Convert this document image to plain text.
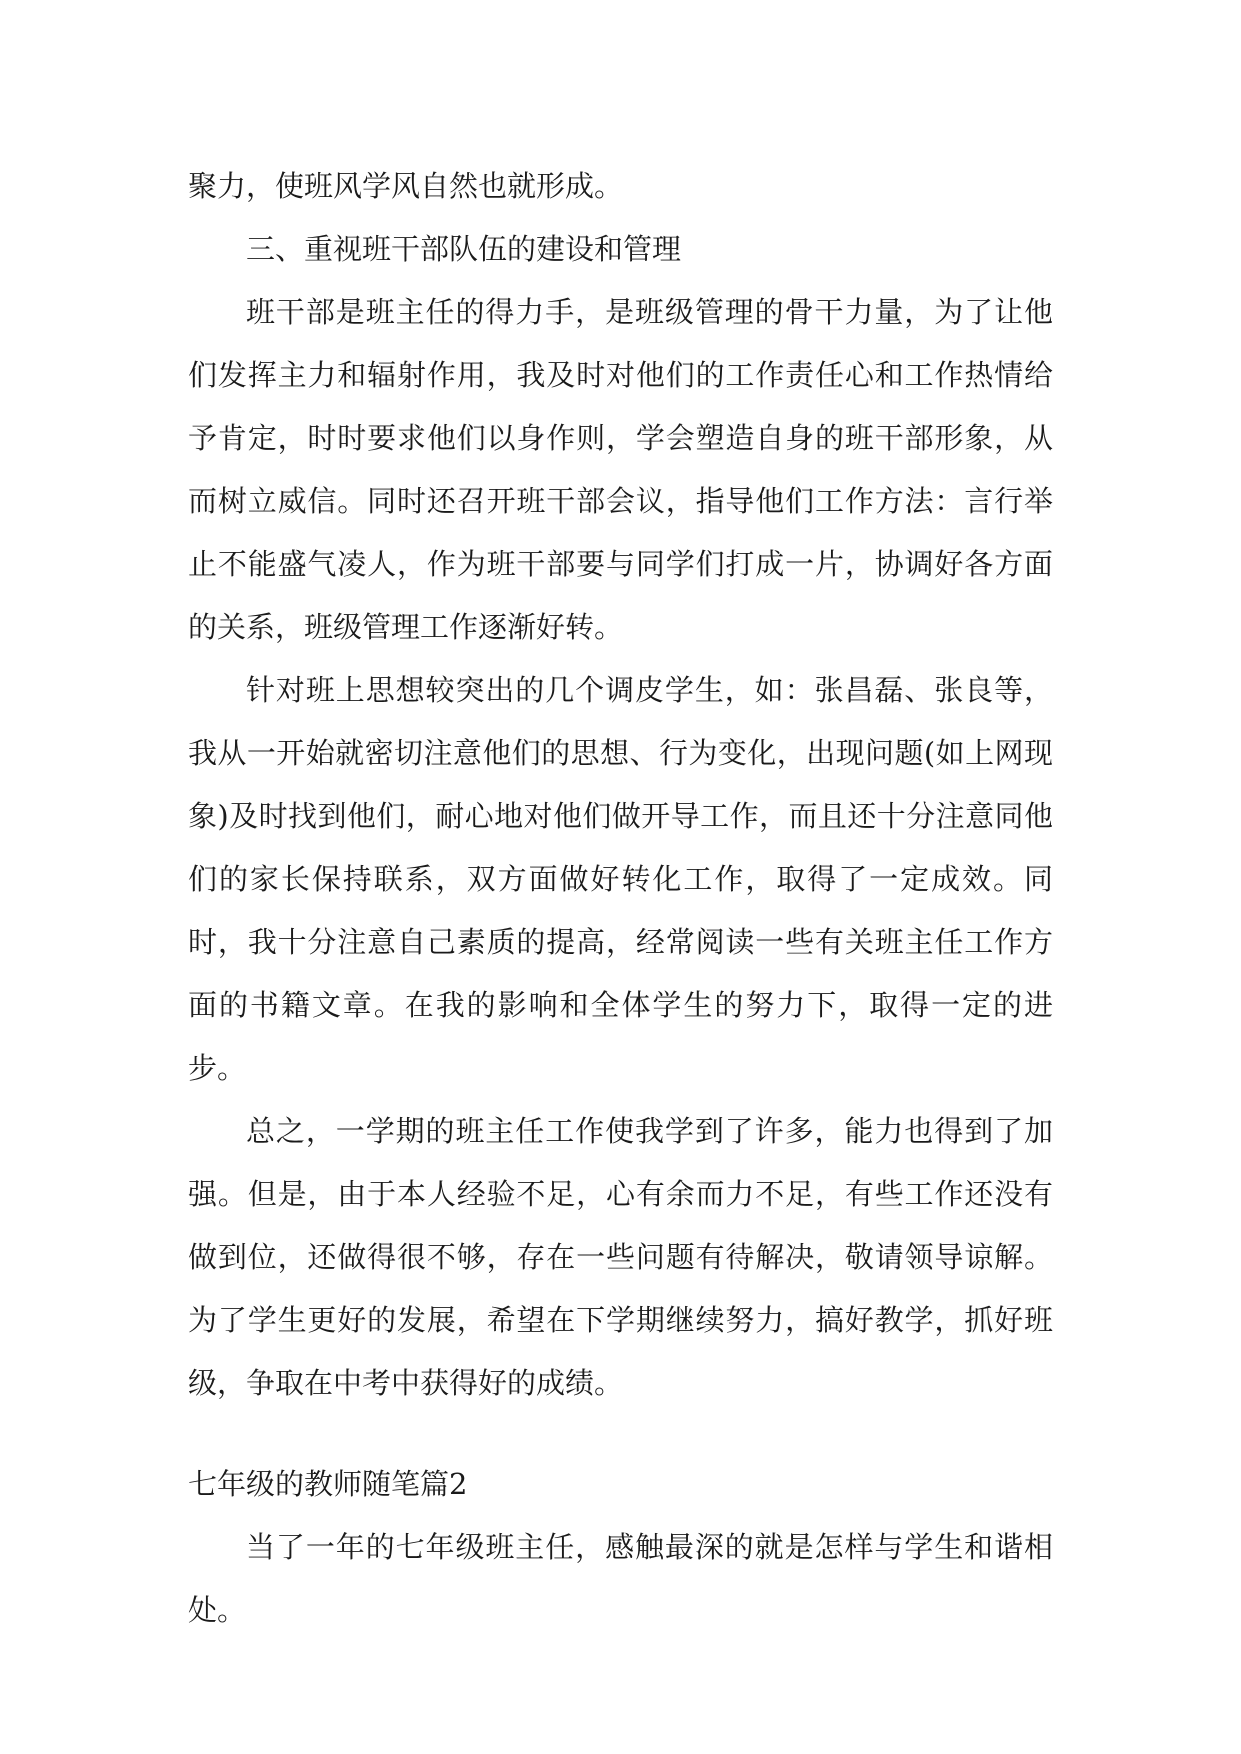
聚力，使班风学风自然也就形成。

三、重视班干部队伍的建设和管理

班干部是班主任的得力手，是班级管理的骨干力量，为了让他们发挥主力和辐射作用，我及时对他们的工作责任心和工作热情给予肯定，时时要求他们以身作则，学会塑造自身的班干部形象，从而树立威信。同时还召开班干部会议，指导他们工作方法：言行举止不能盛气凌人，作为班干部要与同学们打成一片，协调好各方面的关系，班级管理工作逐渐好转。

针对班上思想较突出的几个调皮学生，如：张昌磊、张良等，我从一开始就密切注意他们的思想、行为变化，出现问题(如上网现象)及时找到他们，耐心地对他们做开导工作，而且还十分注意同他们的家长保持联系，双方面做好转化工作，取得了一定成效。同时，我十分注意自己素质的提高，经常阅读一些有关班主任工作方面的书籍文章。在我的影响和全体学生的努力下，取得一定的进步。

总之，一学期的班主任工作使我学到了许多，能力也得到了加强。但是，由于本人经验不足，心有余而力不足，有些工作还没有做到位，还做得很不够，存在一些问题有待解决，敬请领导谅解。为了学生更好的发展，希望在下学期继续努力，搞好教学，抓好班级，争取在中考中获得好的成绩。

七年级的教师随笔篇2

当了一年的七年级班主任，感触最深的就是怎样与学生和谐相处。
